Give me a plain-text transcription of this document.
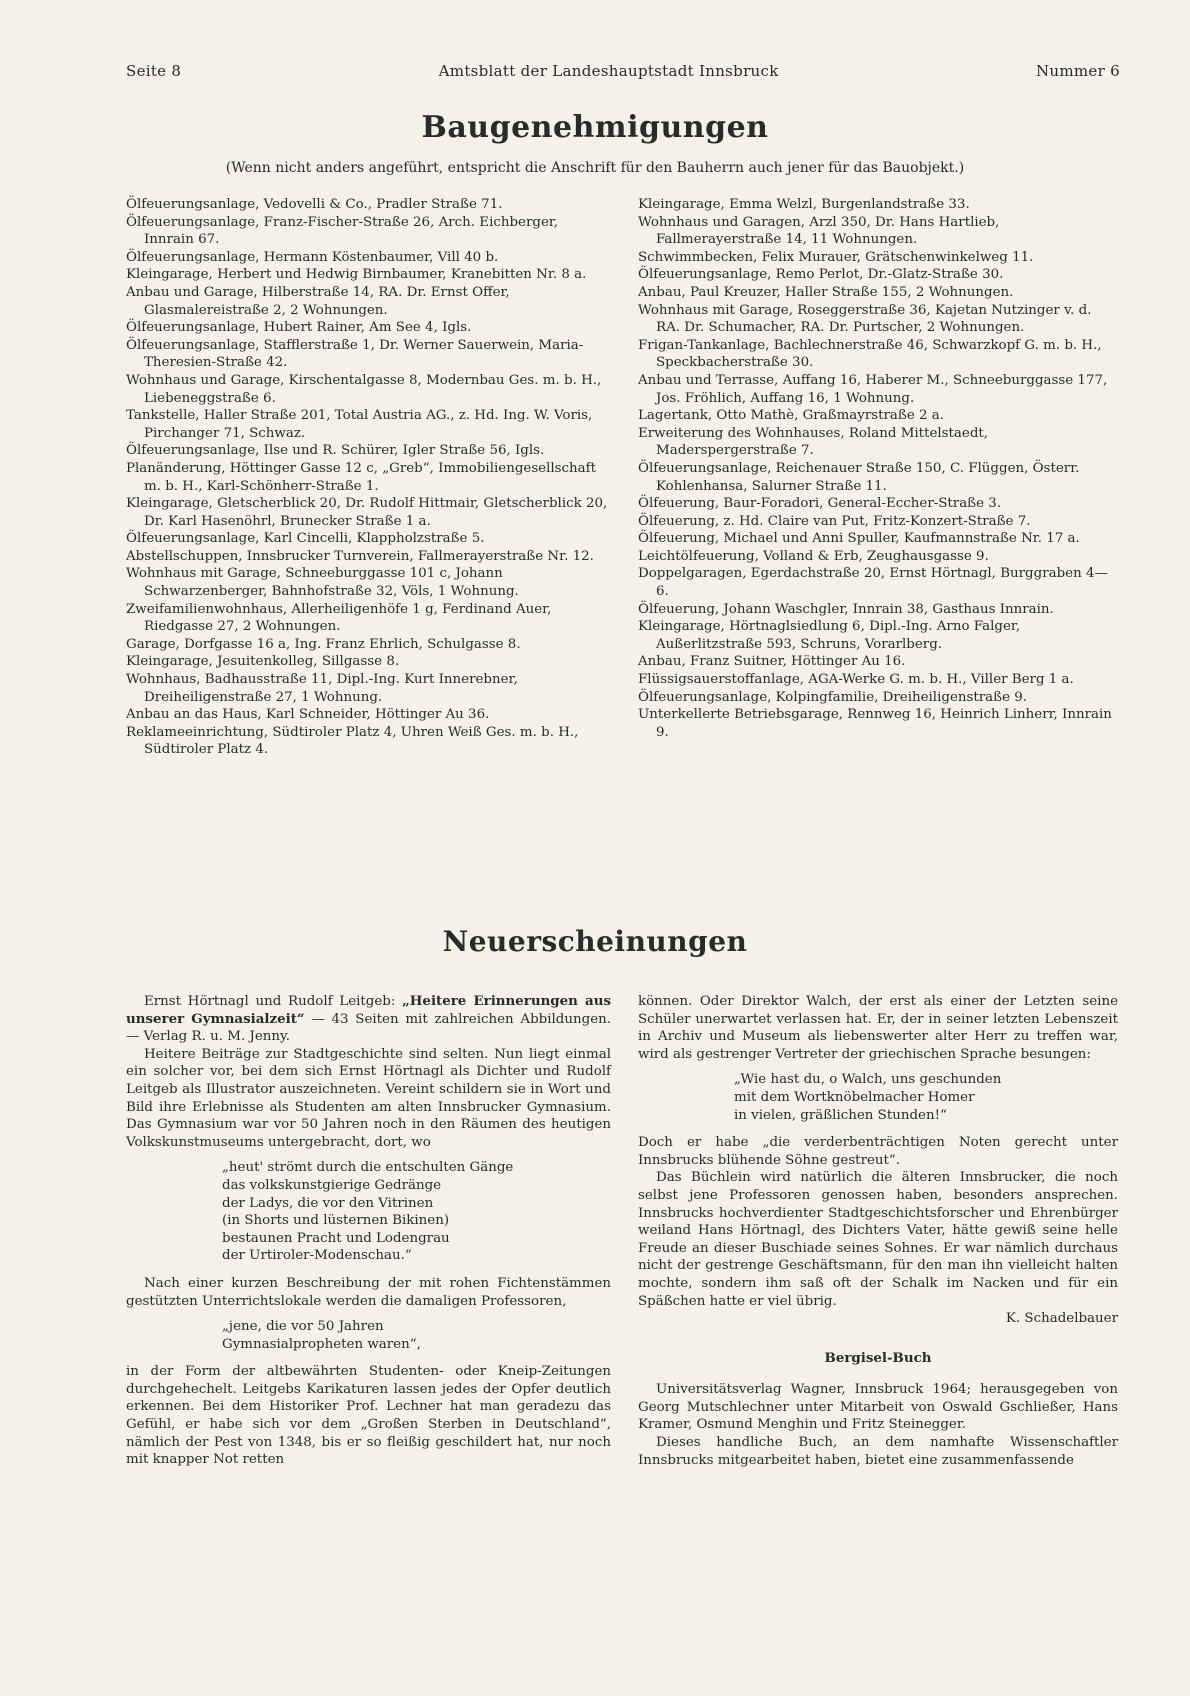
Seite 8	Amtsblatt der Landeshauptstadt Innsbruck	Nummer 6
Baugenehmigungen
(Wenn nicht anders angeführt, entspricht die Anschrift für den Bauherrn auch jener für das Bauobjekt.)

Ölfeuerungsanlage, Vedovelli & Co., Pradler Straße 71.

Ölfeuerungsanlage, Franz-Fischer-Straße 26, Arch. Eichberger, Innrain 67.

Ölfeuerungsanlage, Hermann Köstenbaumer, Vill 40 b.

Kleingarage, Herbert und Hedwig Birnbaumer, Kranebitten Nr. 8 a.

Anbau und Garage, Hilberstraße 14, RA. Dr. Ernst Offer, Glasmalereistraße 2, 2 Wohnungen.

Ölfeuerungsanlage, Hubert Rainer, Am See 4, Igls.

Ölfeuerungsanlage, Stafflerstraße 1, Dr. Werner Sauerwein, Maria-Theresien-Straße 42.

Wohnhaus und Garage, Kirschentalgasse 8, Modernbau Ges. m. b. H., Liebeneggstraße 6.

Tankstelle, Haller Straße 201, Total Austria AG., z. Hd. Ing. W. Voris, Pirchanger 71, Schwaz.

Ölfeuerungsanlage, Ilse und R. Schürer, Igler Straße 56, Igls.

Planänderung, Höttinger Gasse 12 c, „Greb“, Immobiliengesellschaft m. b. H., Karl-Schönherr-Straße 1.

Kleingarage, Gletscherblick 20, Dr. Rudolf Hittmair, Gletscherblick 20, Dr. Karl Hasenöhrl, Brunecker Straße 1 a.

Ölfeuerungsanlage, Karl Cincelli, Klappholzstraße 5.

Abstellschuppen, Innsbrucker Turnverein, Fallmerayerstraße Nr. 12.

Wohnhaus mit Garage, Schneeburggasse 101 c, Johann Schwarzenberger, Bahnhofstraße 32, Völs, 1 Wohnung.

Zweifamilienwohnhaus, Allerheiligenhöfe 1 g, Ferdinand Auer, Riedgasse 27, 2 Wohnungen.

Garage, Dorfgasse 16 a, Ing. Franz Ehrlich, Schulgasse 8.

Kleingarage, Jesuitenkolleg, Sillgasse 8.

Wohnhaus, Badhausstraße 11, Dipl.-Ing. Kurt Innerebner, Dreiheiligenstraße 27, 1 Wohnung.

Anbau an das Haus, Karl Schneider, Höttinger Au 36.

Reklameeinrichtung, Südtiroler Platz 4, Uhren Weiß Ges. m. b. H., Südtiroler Platz 4.

Kleingarage, Emma Welzl, Burgenlandstraße 33.

Wohnhaus und Garagen, Arzl 350, Dr. Hans Hartlieb, Fallmerayerstraße 14, 11 Wohnungen.

Schwimmbecken, Felix Murauer, Grätschenwinkelweg 11.

Ölfeuerungsanlage, Remo Perlot, Dr.-Glatz-Straße 30.

Anbau, Paul Kreuzer, Haller Straße 155, 2 Wohnungen.

Wohnhaus mit Garage, Roseggerstraße 36, Kajetan Nutzinger v. d. RA. Dr. Schumacher, RA. Dr. Purtscher, 2 Wohnungen.

Frigan-Tankanlage, Bachlechnerstraße 46, Schwarzkopf G. m. b. H., Speckbacherstraße 30.

Anbau und Terrasse, Auffang 16, Haberer M., Schneeburggasse 177, Jos. Fröhlich, Auffang 16, 1 Wohnung.

Lagertank, Otto Mathè, Graßmayrstraße 2 a.

Erweiterung des Wohnhauses, Roland Mittelstaedt, Maderspergerstraße 7.

Ölfeuerungsanlage, Reichenauer Straße 150, C. Flüggen, Österr. Kohlenhansa, Salurner Straße 11.

Ölfeuerung, Baur-Foradori, General-Eccher-Straße 3.

Ölfeuerung, z. Hd. Claire van Put, Fritz-Konzert-Straße 7.

Ölfeuerung, Michael und Anni Spuller, Kaufmannstraße Nr. 17 a.

Leichtölfeuerung, Volland & Erb, Zeughausgasse 9.

Doppelgaragen, Egerdachstraße 20, Ernst Hörtnagl, Burggraben 4—6.

Ölfeuerung, Johann Waschgler, Innrain 38, Gasthaus Innrain.

Kleingarage, Hörtnaglsiedlung 6, Dipl.-Ing. Arno Falger, Außerlitzstraße 593, Schruns, Vorarlberg.

Anbau, Franz Suitner, Höttinger Au 16.

Flüssigsauerstoffanlage, AGA-Werke G. m. b. H., Viller Berg 1 a.

Ölfeuerungsanlage, Kolpingfamilie, Dreiheiligenstraße 9.

Unterkellerte Betriebsgarage, Rennweg 16, Heinrich Linherr, Innrain 9.

Neuerscheinungen

Ernst Hörtnagl und Rudolf Leitgeb: „Heitere Erinnerungen aus unserer Gymnasialzeit“ — 43 Seiten mit zahlreichen Abbildungen. — Verlag R. u. M. Jenny.

Heitere Beiträge zur Stadtgeschichte sind selten. Nun liegt einmal ein solcher vor, bei dem sich Ernst Hörtnagl als Dichter und Rudolf Leitgeb als Illustrator auszeichneten. Vereint schildern sie in Wort und Bild ihre Erlebnisse als Studenten am alten Innsbrucker Gymnasium. Das Gymnasium war vor 50 Jahren noch in den Räumen des heutigen Volkskunstmuseums untergebracht, dort, wo

„heut' strömt durch die entschulten Gänge
das volkskunstgierige Gedränge
der Ladys, die vor den Vitrinen
(in Shorts und lüsternen Bikinen)
bestaunen Pracht und Lodengrau
der Urtiroler-Modenschau.“

Nach einer kurzen Beschreibung der mit rohen Fichtenstämmen gestützten Unterrichtslokale werden die damaligen Professoren,

„jene, die vor 50 Jahren
Gymnasialpropheten waren“,

in der Form der altbewährten Studenten- oder Kneip-Zeitungen durchgehechelt. Leitgebs Karikaturen lassen jedes der Opfer deutlich erkennen. Bei dem Historiker Prof. Lechner hat man geradezu das Gefühl, er habe sich vor dem „Großen Sterben in Deutschland“, nämlich der Pest von 1348, bis er so fleißig geschildert hat, nur noch mit knapper Not retten

können. Oder Direktor Walch, der erst als einer der Letzten seine Schüler unerwartet verlassen hat. Er, der in seiner letzten Lebenszeit in Archiv und Museum als liebenswerter alter Herr zu treffen war, wird als gestrenger Vertreter der griechischen Sprache besungen:

„Wie hast du, o Walch, uns geschunden
mit dem Wortknöbelmacher Homer
in vielen, gräßlichen Stunden!“

Doch er habe „die verderbenträchtigen Noten gerecht unter Innsbrucks blühende Söhne gestreut“.

Das Büchlein wird natürlich die älteren Innsbrucker, die noch selbst jene Professoren genossen haben, besonders ansprechen. Innsbrucks hochverdienter Stadtgeschichtsforscher und Ehrenbürger weiland Hans Hörtnagl, des Dichters Vater, hätte gewiß seine helle Freude an dieser Buschiade seines Sohnes. Er war nämlich durchaus nicht der gestrenge Geschäftsmann, für den man ihn vielleicht halten mochte, sondern ihm saß oft der Schalk im Nacken und für ein Späßchen hatte er viel übrig.

K. Schadelbauer

Bergisel-Buch

Universitätsverlag Wagner, Innsbruck 1964; herausgegeben von Georg Mutschlechner unter Mitarbeit von Oswald Gschließer, Hans Kramer, Osmund Menghin und Fritz Steinegger.

Dieses handliche Buch, an dem namhafte Wissenschaftler Innsbrucks mitgearbeitet haben, bietet eine zusammenfassende
